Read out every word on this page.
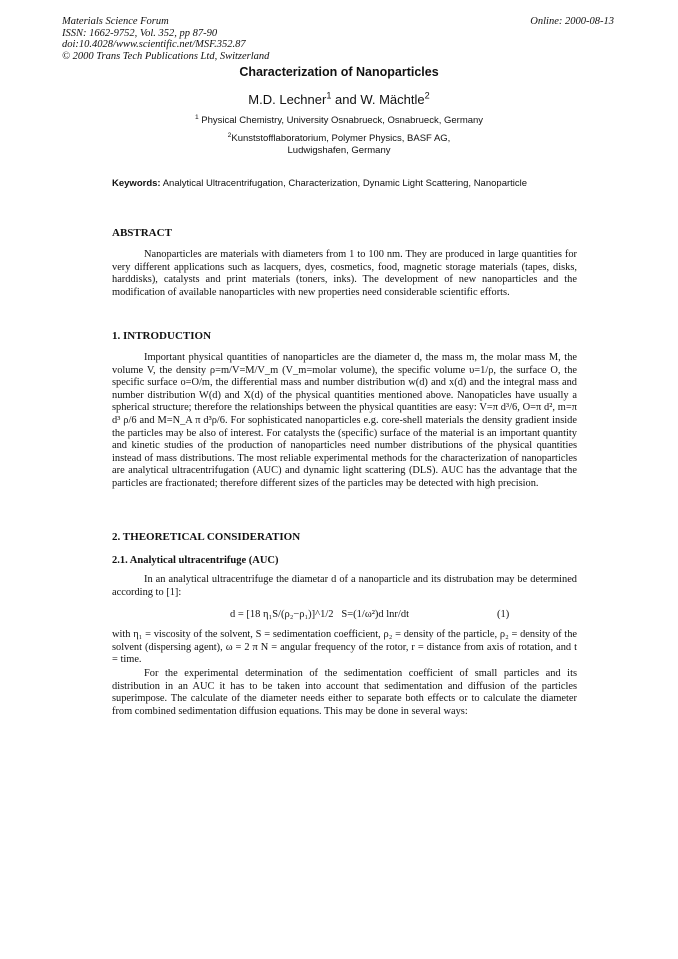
Materials Science Forum
ISSN: 1662-9752, Vol. 352, pp 87-90
doi:10.4028/www.scientific.net/MSF.352.87
© 2000 Trans Tech Publications Ltd, Switzerland
Online: 2000-08-13
Characterization of Nanoparticles
M.D. Lechner$^1$ and W. Mächtle$^2$
$^1$ Physical Chemistry, University Osnabrueck, Osnabrueck, Germany
$^2$Kunststofflaboratorium, Polymer Physics, BASF AG,
Ludwigshafen, Germany
Keywords: Analytical Ultracentrifugation, Characterization, Dynamic Light Scattering, Nanoparticle
ABSTRACT

Nanoparticles are materials with diameters from 1 to 100 nm. They are produced in large quantities for very different applications such as lacquers, dyes, cosmetics, food, magnetic storage materials (tapes, disks, harddisks), catalysts and print materials (toners, inks). The development of new nanoparticles and the modification of available nanoparticles with new properties need considerable scientific efforts.

1. INTRODUCTION

Important physical quantities of nanoparticles are the diameter d, the mass m, the molar mass M, the volume V, the density ρ=m/V=M/V_m (V_m=molar volume), the specific volume υ=1/ρ, the surface O, the specific surface o=O/m, the differential mass and number distribution w(d) and x(d) and the integral mass and number distribution W(d) and X(d) of the physical quantities mentioned above. Nanopaticles have usually a spherical structure; therefore the relationships between the physical quantities are easy: V=π d³/6, O=π d², m=π d³ ρ/6 and M=N_A π d³ρ/6. For sophisticated nanoparticles e.g. core-shell materials the density gradient inside the particles may be also of interest. For catalysts the (specific) surface of the material is an important quantity and kinetic studies of the production of nanoparticles need number distributions of the physical quantities instead of mass distributions. The most reliable experimental methods for the characterization of nanoparticles are analytical ultracentrifugation (AUC) and dynamic light scattering (DLS). AUC has the advantage that the particles are fractionated; therefore different sizes of the particles may be detected with high precision.

2. THEORETICAL CONSIDERATION
2.1. Analytical ultracentrifuge (AUC)

In an analytical ultracentrifuge the diametar d of a nanoparticle and its distrubation may be determined according to [1]:

d = [18 η₁S/(ρ₂−ρ₁)]^1/2 S=(1/ω²)d lnr/dt	(1)

with η₁ = viscosity of the solvent, S = sedimentation coefficient, ρ₂ = density of the particle, ρ₂ = density of the solvent (dispersing agent), ω = 2 π N = angular frequency of the rotor, r = distance from axis of rotation, and t = time.

For the experimental determination of the sedimentation coefficient of small particles and its distribution in an AUC it has to be taken into account that sedimentation and diffusion of the particles superimpose. The calculate of the diameter needs either to separate both effects or to calculate the diameter from combined sedimentation diffusion equations. This may be done in several ways:
